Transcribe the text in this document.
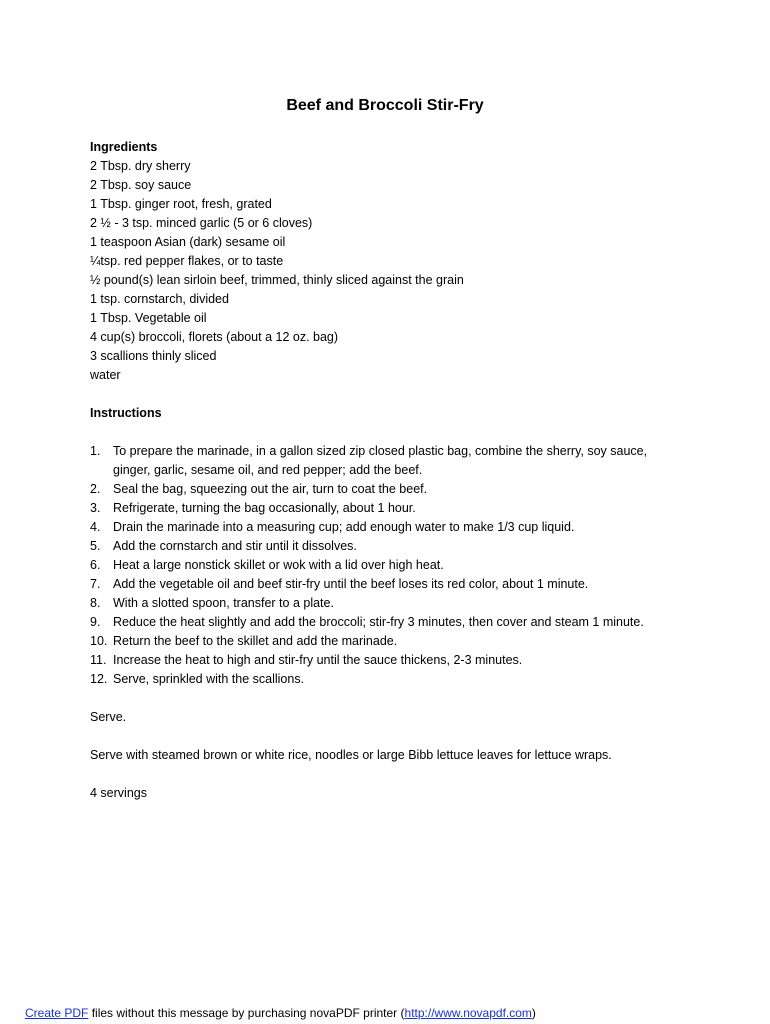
Beef and Broccoli Stir-Fry
Ingredients
2 Tbsp. dry sherry
2 Tbsp. soy sauce
1 Tbsp. ginger root, fresh, grated
2 ½ - 3 tsp. minced garlic (5 or 6 cloves)
1 teaspoon Asian (dark) sesame oil
¼tsp. red pepper flakes, or to taste
½ pound(s) lean sirloin beef, trimmed, thinly sliced against the grain
1 tsp. cornstarch, divided
1 Tbsp. Vegetable oil
4 cup(s) broccoli, florets (about a 12 oz. bag)
3 scallions thinly sliced
water
Instructions
1. To prepare the marinade, in a gallon sized zip closed plastic bag, combine the sherry, soy sauce, ginger, garlic, sesame oil, and red pepper; add the beef.
2. Seal the bag, squeezing out the air, turn to coat the beef.
3. Refrigerate, turning the bag occasionally, about 1 hour.
4. Drain the marinade into a measuring cup; add enough water to make 1/3 cup liquid.
5. Add the cornstarch and stir until it dissolves.
6. Heat a large nonstick skillet or wok with a lid over high heat.
7. Add the vegetable oil and beef stir-fry until the beef loses its red color, about 1 minute.
8. With a slotted spoon, transfer to a plate.
9. Reduce the heat slightly and add the broccoli; stir-fry 3 minutes, then cover and steam 1 minute.
10. Return the beef to the skillet and add the marinade.
11. Increase the heat to high and stir-fry until the sauce thickens, 2-3 minutes.
12. Serve, sprinkled with the scallions.
Serve.
Serve with steamed brown or white rice, noodles or large Bibb lettuce leaves for lettuce wraps.
4 servings
Create PDF files without this message by purchasing novaPDF printer (http://www.novapdf.com)
